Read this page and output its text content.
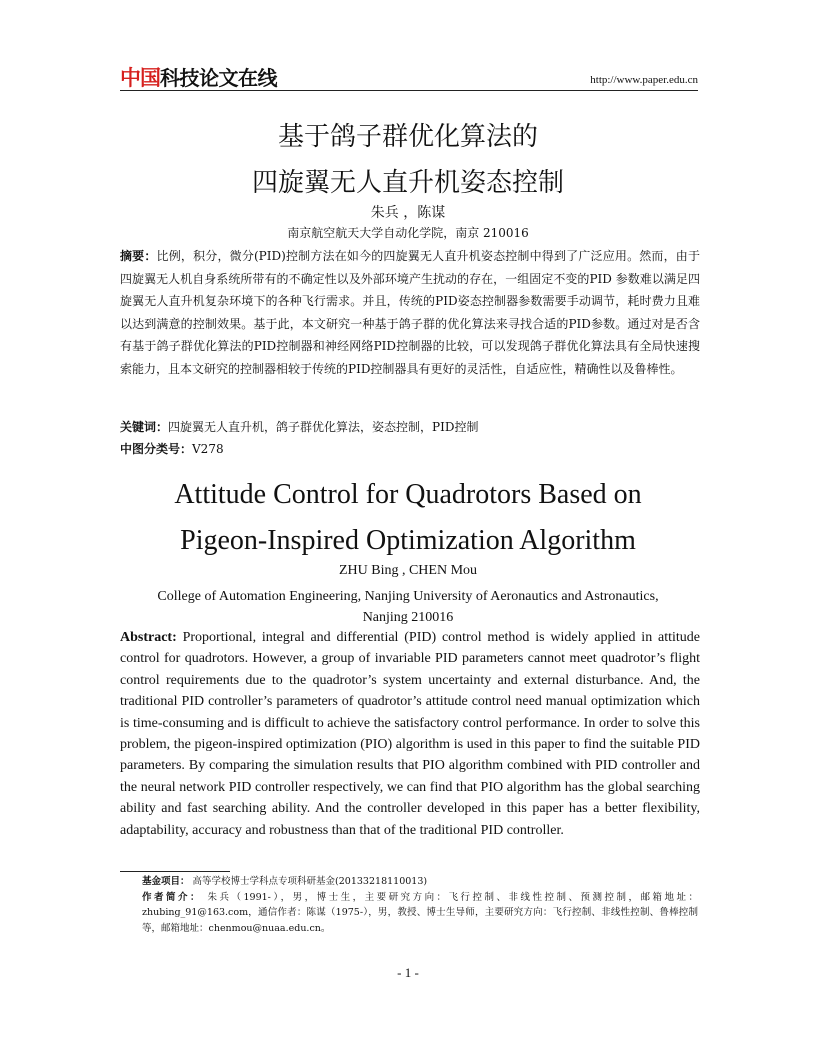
中国科技论文在线	http://www.paper.edu.cn
基于鸽子群优化算法的
四旋翼无人直升机姿态控制
朱兵 ，陈谋
南京航空航天大学自动化学院，南京 210016
摘要：比例，积分，微分(PID)控制方法在如今的四旋翼无人直升机姿态控制中得到了广泛应用。然而，由于四旋翼无人机自身系统所带有的不确定性以及外部环境产生扰动的存在，一组固定不变的PID 参数难以满足四旋翼无人直升机复杂环境下的各种飞行需求。并且，传统的PID姿态控制器参数需要手动调节，耗时费力且难以达到满意的控制效果。基于此，本文研究一种基于鸽子群的优化算法来寻找合适的PID参数。通过对是否含有基于鸽子群优化算法的PID控制器和神经网络PID控制器的比较，可以发现鸽子群优化算法具有全局快速搜索能力，且本文研究的控制器相较于传统的PID控制器具有更好的灵活性，自适应性，精确性以及鲁棒性。
关键词：四旋翼无人直升机，鸽子群优化算法，姿态控制，PID控制
中图分类号：V278
Attitude Control for Quadrotors Based on
Pigeon-Inspired Optimization Algorithm
ZHU Bing , CHEN Mou
College of Automation Engineering, Nanjing University of Aeronautics and Astronautics,
Nanjing 210016
Abstract: Proportional, integral and differential (PID) control method is widely applied in attitude control for quadrotors. However, a group of invariable PID parameters cannot meet quadrotor’s flight control requirements due to the quadrotor’s system uncertainty and external disturbance. And, the traditional PID controller’s parameters of quadrotor’s attitude control need manual optimization which is time-consuming and is difficult to achieve the satisfactory control performance. In order to solve this problem, the pigeon-inspired optimization (PIO) algorithm is used in this paper to find the suitable PID parameters. By comparing the simulation results that PIO algorithm combined with PID controller and the neural network PID controller respectively, we can find that PIO algorithm has the global searching ability and fast searching ability. And the controller developed in this paper has a better flexibility, adaptability, accuracy and robustness than that of the traditional PID controller.
基金项目： 高等学校博士学科点专项科研基金(20133218110013)
作者简介： 朱兵（1991-），男，博士生，主要研究方向：飞行控制、非线性控制、预测控制，邮箱地址：zhubing_91@163.com，通信作者：陈谋（1975-），男，教授、博士生导师，主要研究方向：飞行控制、非线性控制、鲁棒控制等，邮箱地址：chenmou@nuaa.edu.cn。
- 1 -
